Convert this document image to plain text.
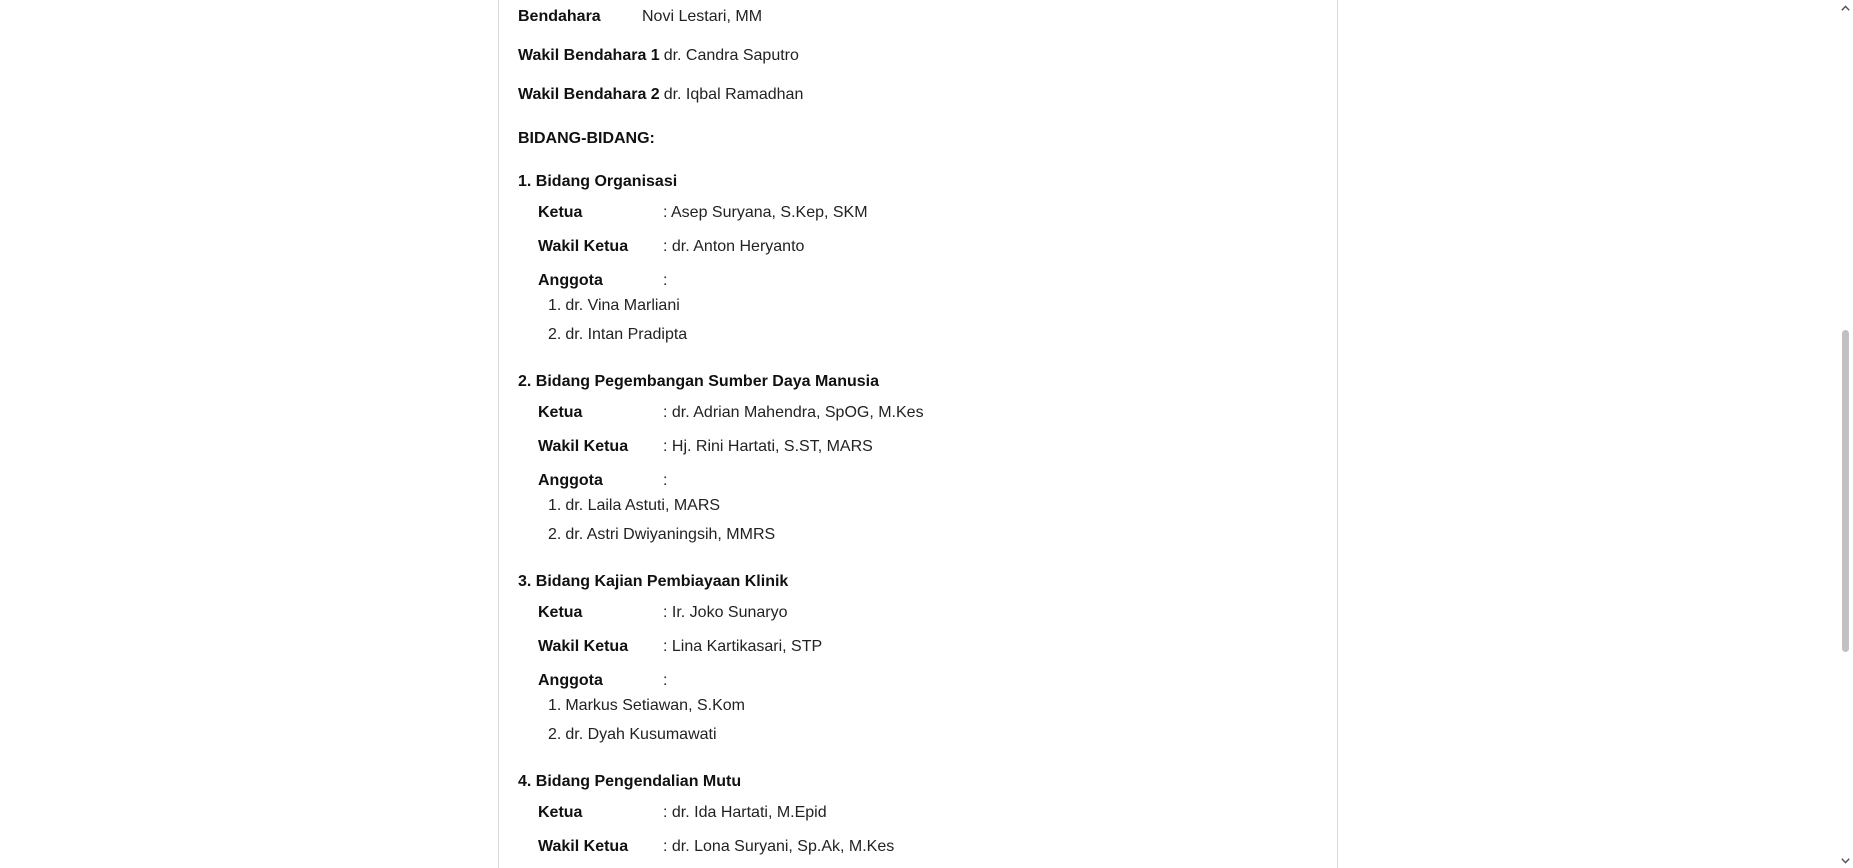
Bendahara	Novi Lestari, MM
Wakil Bendahara 1 dr. Candra Saputro
Wakil Bendahara 2 dr. Iqbal Ramadhan
BIDANG-BIDANG:
1. Bidang Organisasi
Ketua	: Asep Suryana, S.Kep, SKM
Wakil Ketua	: dr. Anton Heryanto
Anggota	:
1. dr. Vina Marliani
2. dr. Intan Pradipta
2. Bidang Pegembangan Sumber Daya Manusia
Ketua	: dr. Adrian Mahendra, SpOG, M.Kes
Wakil Ketua	: Hj. Rini Hartati, S.ST, MARS
Anggota	:
1. dr. Laila Astuti, MARS
2. dr. Astri Dwiyaningsih, MMRS
3. Bidang Kajian Pembiayaan Klinik
Ketua	: Ir. Joko Sunaryo
Wakil Ketua	: Lina Kartikasari, STP
Anggota	:
1. Markus Setiawan, S.Kom
2. dr. Dyah Kusumawati
4. Bidang Pengendalian Mutu
Ketua	: dr. Ida Hartati, M.Epid
Wakil Ketua	: dr. Lona Suryani, Sp.Ak, M.Kes
